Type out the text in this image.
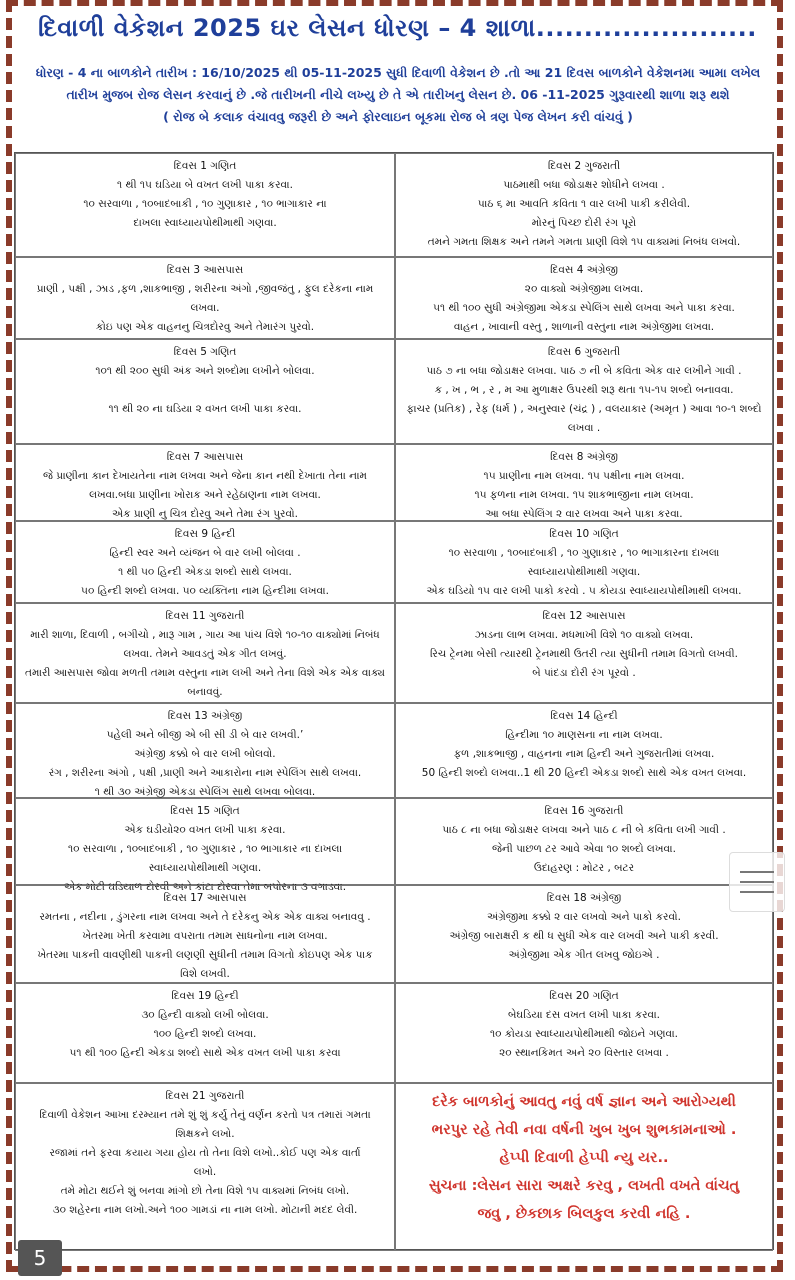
દિવાળી વેકેશન 2025 ઘર લેસન ધોરણ – 4 શાળા.......................
ધોરણ - 4 ના બાળકોને તારીખ : 16/10/2025 થી 05-11-2025 સુધી દિવાળી વેકેશન છે .તો આ 21 દિવસ બાળકોને વેકેશનમા આમા લખેલ
તારીખ મુજબ રોજ લેસન કરવાનું છે .જે તારીખની નીચે લખ્યુ છે તે એ તારીખનુ લેસન છે. 06 -11-2025 ગુરૂવારથી શાળા શરૂ થશે
( રોજ બે કલાક વંચાવવુ જરૂરી છે અને ફોરલાઇન બૂકમા રોજ બે ત્રણ પેજ લેખન કરી વાંચવું )
દિવસ 1 ગણિત
૧ થી ૧૫ ઘડિયા બે વખત લખી પાકા કરવા.
૧૦ સરવાળા , ૧૦બાદબાકી , ૧૦ ગુણાકાર , ૧૦ ભાગાકાર ના
દાખલા સ્વાધ્યાયપોથીમાથી ગણવા.
દિવસ 2 ગુજરાતી
પાઠમાથી બધા જોડાક્ષર શોધીને લખવા .
પાઠ ૬ મા આવતિ કવિતા ૧ વાર લખી પાકી કરીલેવી.
મોરનું પિચ્છ દોરી રંગ પૂરો
તમને ગમતા શિક્ષક અને તમને ગમતા પ્રાણી વિશે ૧૫ વાક્યમાં નિબંધ લખવો.
દિવસ 3 આસપાસ
પ્રાણી , પક્ષી , ઝાડ ,ફળ ,શાકભાજી , શરીરના અંગો ,જીવજંતુ , ફુલ દરેકના નામ
લખવા.
કોઇ પણ એક વાહનનુ ચિત્રદોરવુ અને તેમારંગ પુરવો.
દિવસ 4 અંગ્રેજી
૨૦ વાક્યો અંગ્રેજીમા લખવા.
૫૧ થી ૧૦૦ સુધી અંગ્રેજીમા એકડા સ્પેલિંગ સાથે લખવા અને પાકા કરવા.
વાહન , ખાવાની વસ્તુ , શાળાની વસ્તુના નામ અંગ્રેજીમા લખવા.
દિવસ 5 ગણિત
૧૦૧ થી ૨૦૦ સુધી અંક અને શબ્દોમા લખીને બોલવા.

૧૧ થી ૨૦ ના ઘડિયા ૨ વખત લખી પાકા કરવા.
દિવસ 6 ગુજરાતી
પાઠ ૭ ના બધા જોડાક્ષર લખવા. પાઠ ૭ ની બે કવિતા એક વાર લખીને ગાવી .
ક , ખ , ભ , ર , મ આ મુળાક્ષર ઉપરથી શરૂ થતા ૧૫-૧૫ શબ્દો બનાવવા.
ફાચર (પ્રતિક) , રેફ (ધર્મ ) , અનુસ્વાર (ચંદ્ર ) , વલયાકાર (અમૃત ) આવા ૧૦-૧ શબ્દો
લખવા .
દિવસ 7 આસપાસ
જે પ્રાણીના કાન દેખાયતેના નામ લખવા અને જેના કાન નથી દેખાતા તેના નામ
લખવા.બધા પ્રાણીના ખોરાક અને રહેઠાણના નામ લખવા.
એક પ્રાણી નુ ચિત્ર દોરવુ અને તેમા રંગ પુરવો.
દિવસ 8 અંગ્રેજી
૧૫ પ્રાણીના નામ લખવા. ૧૫ પક્ષીના નામ લખવા.
૧૫ ફળના નામ લખવા. ૧૫ શાકભાજીના નામ લખવા.
આ બધા સ્પેલિંગ ૨ વાર લખવા અને પાકા કરવા.
દિવસ 9 હિન્દી
હિન્દી સ્વર અને વ્યંજન બે વાર લખી બોલવા .
૧ થી ૫૦ હિન્દી એકડા શબ્દો સાથે લખવા.
૫૦ હિન્દી શબ્દો લખવા. ૫૦ વ્યક્તિના નામ હિન્દીમા લખવા.
દિવસ 10 ગણિત
૧૦ સરવાળા , ૧૦બાદબાકી , ૧૦ ગુણાકાર , ૧૦ ભાગાકારના દાખલા
સ્વાધ્યાયપોથીમાથી ગણવા.
એક ઘડિયો ૧૫ વાર લખી પાકો કરવો . ૫ કોયડા સ્વાધ્યાયપોથીમાથી લખવા.
દિવસ 11 ગુજરાતી
મારી શાળા, દિવાળી , બગીચો , મારૂ ગામ , ગાય આ પાંચ વિશે ૧૦-૧૦ વાક્યોમાં નિબંધ
લખવા. તેમને આવડતું એક ગીત લખવું.
તમારી આસપાસ જોવા મળતી તમામ વસ્તુના નામ લખી અને તેના વિશે એક એક વાક્ય
બનાવવું.
દિવસ 12 આસપાસ
ઝાડના લાભ લખવા. મધમાખી વિશે ૧૦ વાક્યો લખવા.
રિચ ટ્રેનમા બેસી ત્યારથી ટ્રેનમાથી ઉતરી ત્યા સુધીની તમામ વિગતો લખવી.
બે પાંદડા દોરી રંગ પૂરવો .
દિવસ 13 અંગ્રેજી
પહેલી અને બીજી એ બી સી ડી બે વાર લખવી.’
અંગ્રેજી કક્કો બે વાર લખી બોલવો.
રંગ , શરીરના અંગો , પક્ષી ,પ્રાણી અને આકારોના નામ સ્પેલિંગ સાથે લખવા.
૧ થી ૩૦ અંગ્રેજી એકડા સ્પેલિંગ સાથે લખવા બોલવા.
દિવસ 14 હિન્દી
હિન્દીમા ૧૦ માણસના ના નામ લખવા.
ફળ ,શાકભાજી , વાહનના નામ હિન્દી અને ગુજરાતીમાં લખવા.
50 હિન્દી શબ્દો લખવા..1 થી 20 હિન્દી એકડા શબ્દો સાથે એક વખત લખવા.
દિવસ 15 ગણિત
એક ઘડીયો૨૦ વખત લખી પાકા કરવા.
૧૦ સરવાળા , ૧૦બાદબાકી , ૧૦ ગુણાકાર , ૧૦ ભાગાકાર ના દાખલા
સ્વાધ્યાયપોથીમાથી ગણવા.
એક મોટી ઘડિયાળ દોરવી અને કાંટા દોરવા તેમા બપોરના ૩ વગાડવા.
દિવસ 16 ગુજરાતી
પાઠ ૮ ના બધા જોડાક્ષર લખવા અને પાઠ ૮ ની બે કવિતા લખી ગાવી .
જેની પાછળ ટર આવે એવા ૧૦ શબ્દો લખવા.
ઉદાહરણ : મોટર , બટર
દિવસ 17 આસપાસ
રમતના , નદીના , ડુંગરના નામ લખવા અને તે દરેકનુ એક એક વાક્ય બનાવવુ .
ખેતરમા ખેતી કરવામા વપરાતા તમામ સાધનોના નામ લખવા.
ખેતરમા પાકની વાવણીથી પાકની લણણી સુધીની તમામ વિગતો કોઇપણ એક પાક
વિશે લખવી.
દિવસ 18 અંગ્રેજી
અંગ્રેજીમા કક્કો ૨ વાર લખવો અને પાકો કરવો.
અંગ્રેજી બારાક્ષરી ક થી ધ સુધી એક વાર લખવી અને પાકી કરવી.
અંગ્રેજીમા એક ગીત લખવુ જોઇએ .
દિવસ 19 હિન્દી
૩૦ હિન્દી વાક્યો લખી બોલવા.
૧૦૦ હિન્દી શબ્દો લખવા.
૫૧ થી ૧૦૦ હિન્દી એકડા શબ્દો સાથે એક વખત લખી પાકા કરવા
દિવસ 20 ગણિત
બેઘડિયા દસ વખત લખી પાકા કરવા.
૧૦ કોયડા સ્વાધ્યાયપોથીમાથી જોઇને ગણવા.
૨૦ સ્થાનકિમત અને ૨૦ વિસ્તાર લખવા .
દિવસ 21 ગુજરાતી
દિવાળી વેકેશન આખા દરમ્યાન તમે શું શું કર્યુ તેનું વર્ણન કરતો પત્ર તમારાં ગમતા
શિક્ષકને લખો.
રજામાં તને ફરવા કયાય ગયા હોય તો તેના વિશે લખો..કોઈ પણ એક વાર્તા
લખો.
તમે મોટા થઈને શું બનવા માંગો છો તેના વિશે ૧૫ વાક્યમાં નિબંધ લખો.
૩૦ શહેરના નામ લખો.અને ૧૦૦ ગામડાં ના નામ લખો. મોટાની મદદ લેવી.
દરેક બાળકોનું આવતુ નવું વર્ષ જ્ઞાન અને આરોગ્યથી
ભરપુર રહે તેવી નવા વર્ષની ખુબ ખુબ શુભકામનાઓ .
હેપ્પી દિવાળી હેપ્પી ન્યુ યર..
સુચના :લેસન સારા અક્ષરે કરવુ , લખતી વખતે વાંચતુ
જવુ , છેકછાક બિલકુલ કરવી નહિ .
5
